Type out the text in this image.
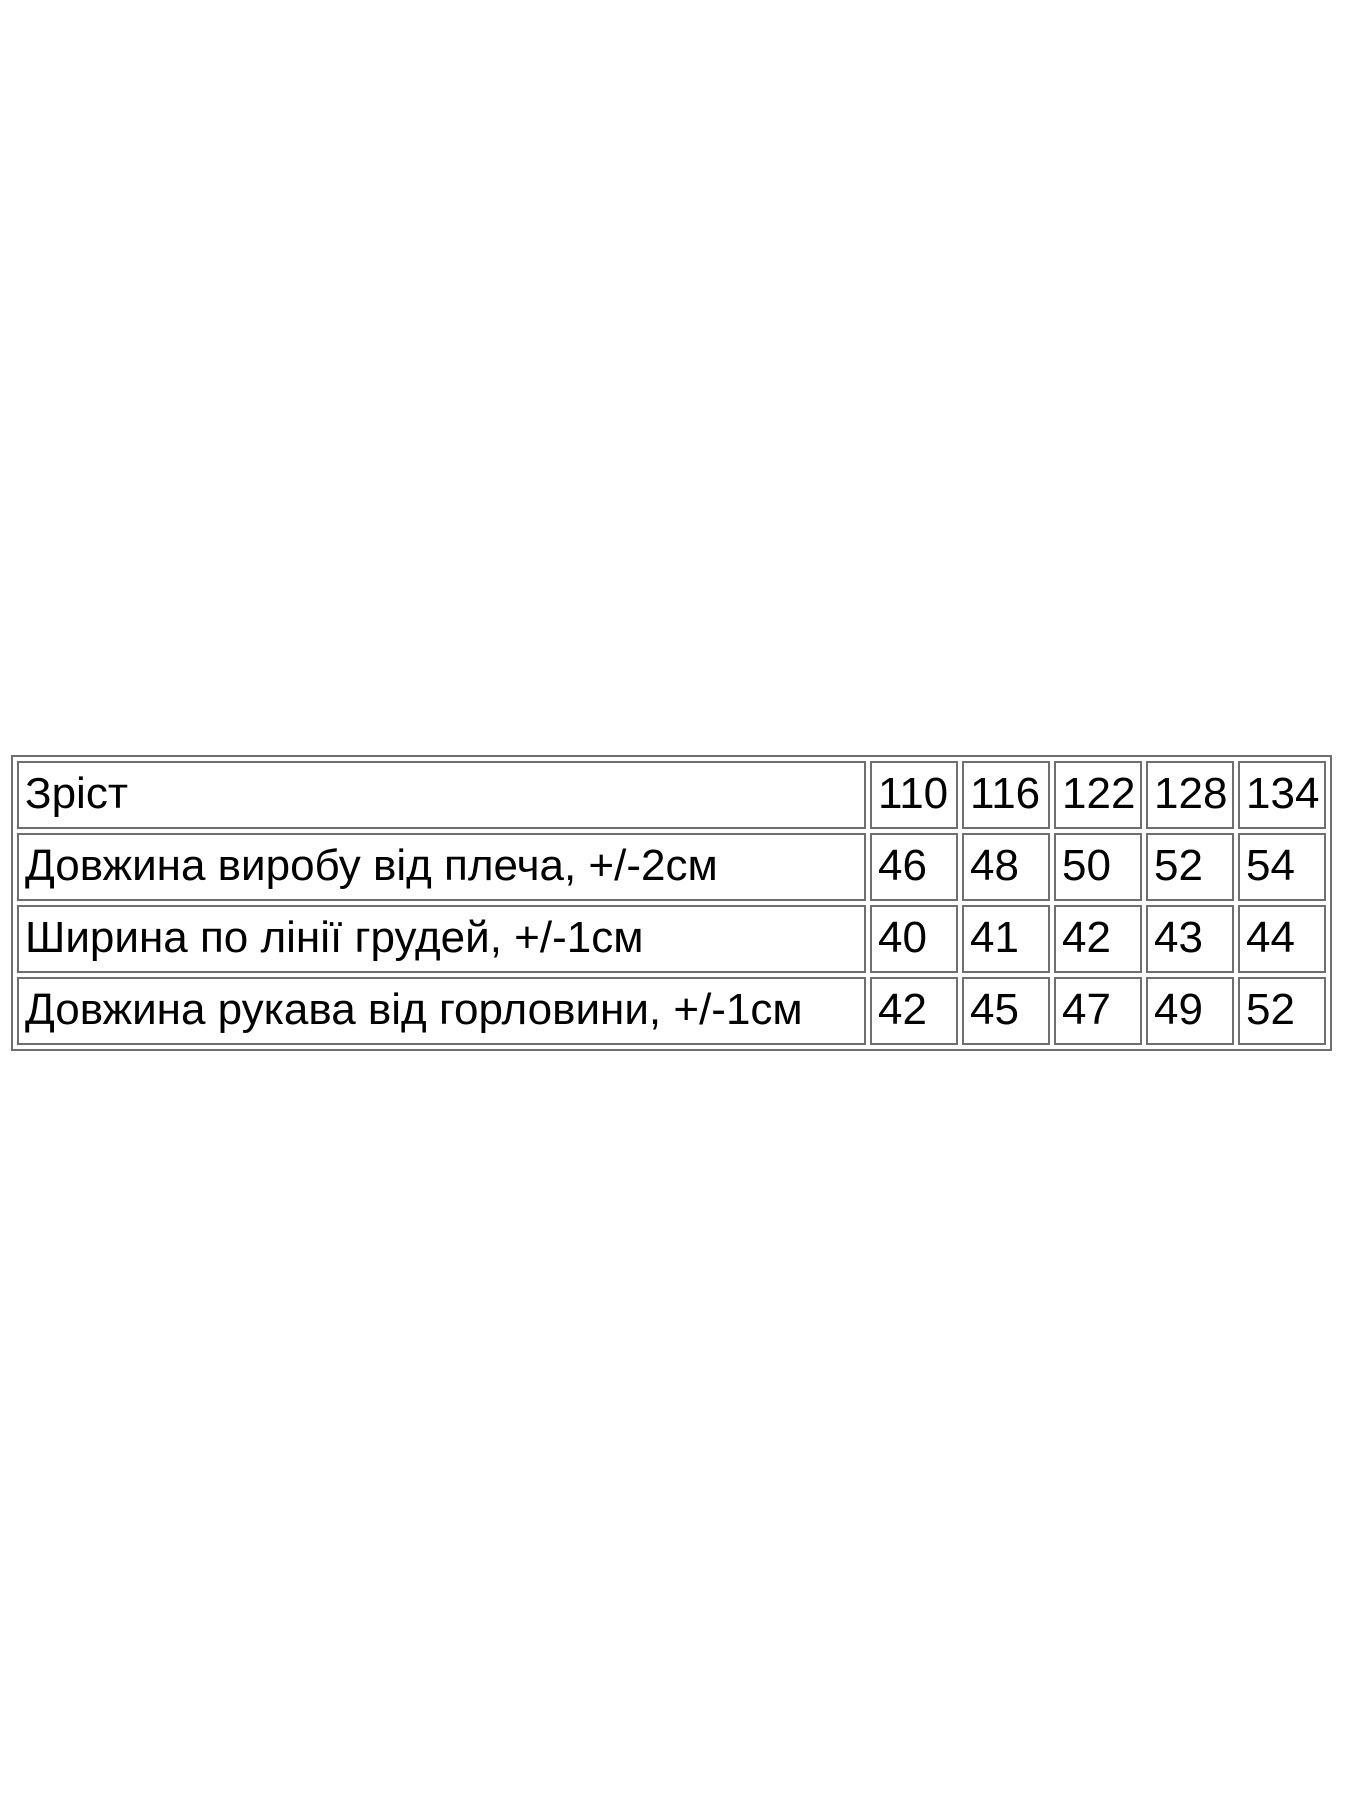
Зріст	110	116	122	128	134
Довжина виробу від плеча, +/-2см	46	48	50	52	54
Ширина по лінії грудей, +/-1см	40	41	42	43	44
Довжина рукава від горловини, +/-1см	42	45	47	49	52
